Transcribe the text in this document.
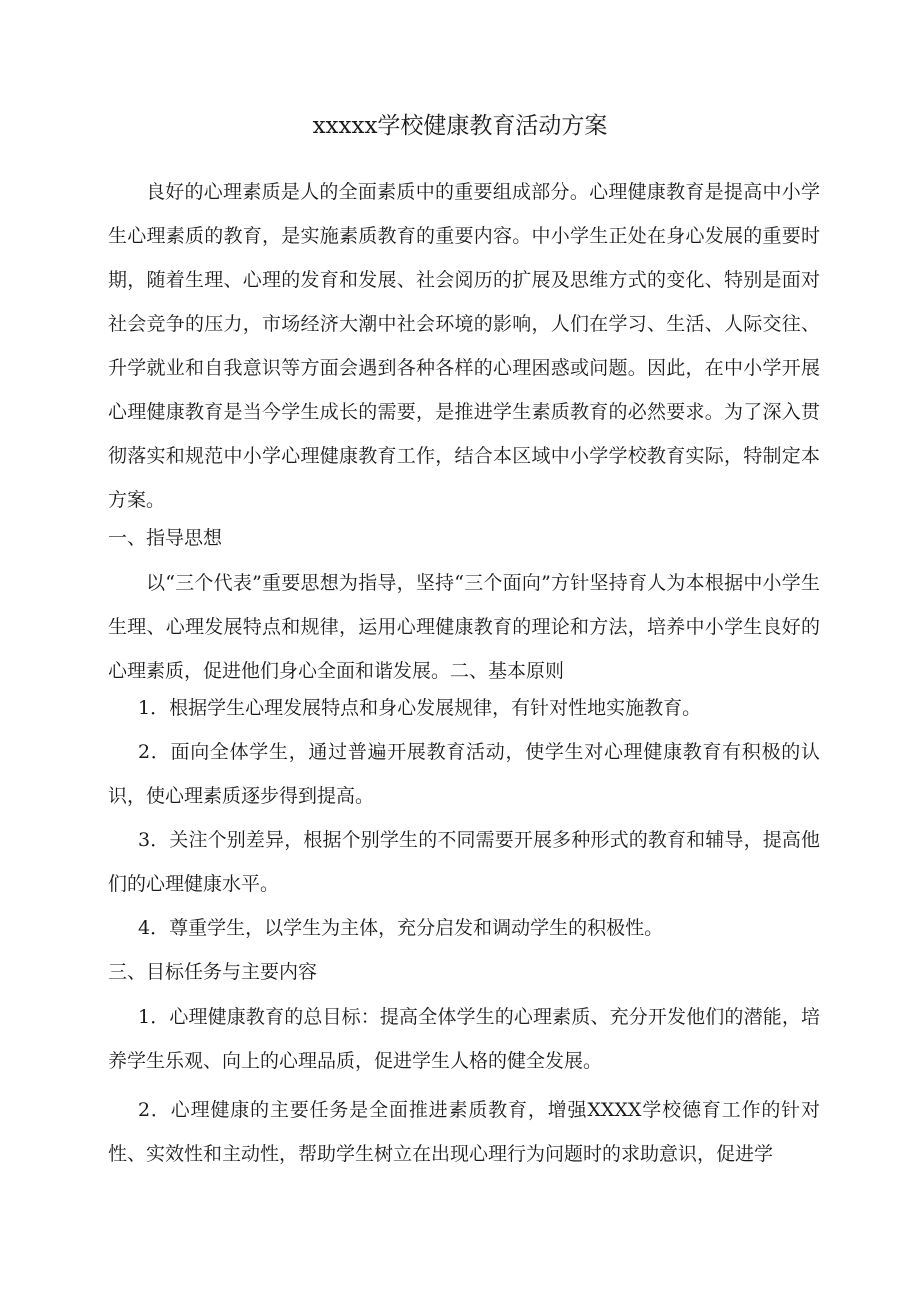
xxxxx学校健康教育活动方案
良好的心理素质是人的全面素质中的重要组成部分。心理健康教育是提高中小学生心理素质的教育，是实施素质教育的重要内容。中小学生正处在身心发展的重要时期，随着生理、心理的发育和发展、社会阅历的扩展及思维方式的变化、特别是面对社会竞争的压力，市场经济大潮中社会环境的影响，人们在学习、生活、人际交往、升学就业和自我意识等方面会遇到各种各样的心理困惑或问题。因此，在中小学开展心理健康教育是当今学生成长的需要，是推进学生素质教育的必然要求。为了深入贯彻落实和规范中小学心理健康教育工作，结合本区域中小学学校教育实际，特制定本方案。
一、指导思想
以“三个代表”重要思想为指导，坚持“三个面向”方针坚持育人为本根据中小学生生理、心理发展特点和规律，运用心理健康教育的理论和方法，培养中小学生良好的心理素质，促进他们身心全面和谐发展。二、基本原则
1．根据学生心理发展特点和身心发展规律，有针对性地实施教育。
2．面向全体学生，通过普遍开展教育活动，使学生对心理健康教育有积极的认识，使心理素质逐步得到提高。
3．关注个别差异，根据个别学生的不同需要开展多种形式的教育和辅导，提高他们的心理健康水平。
4．尊重学生，以学生为主体，充分启发和调动学生的积极性。
三、目标任务与主要内容
1．心理健康教育的总目标：提高全体学生的心理素质、充分开发他们的潜能，培养学生乐观、向上的心理品质，促进学生人格的健全发展。
2．心理健康的主要任务是全面推进素质教育，增强XXXX学校德育工作的针对性、实效性和主动性，帮助学生树立在出现心理行为问题时的求助意识，促进学
